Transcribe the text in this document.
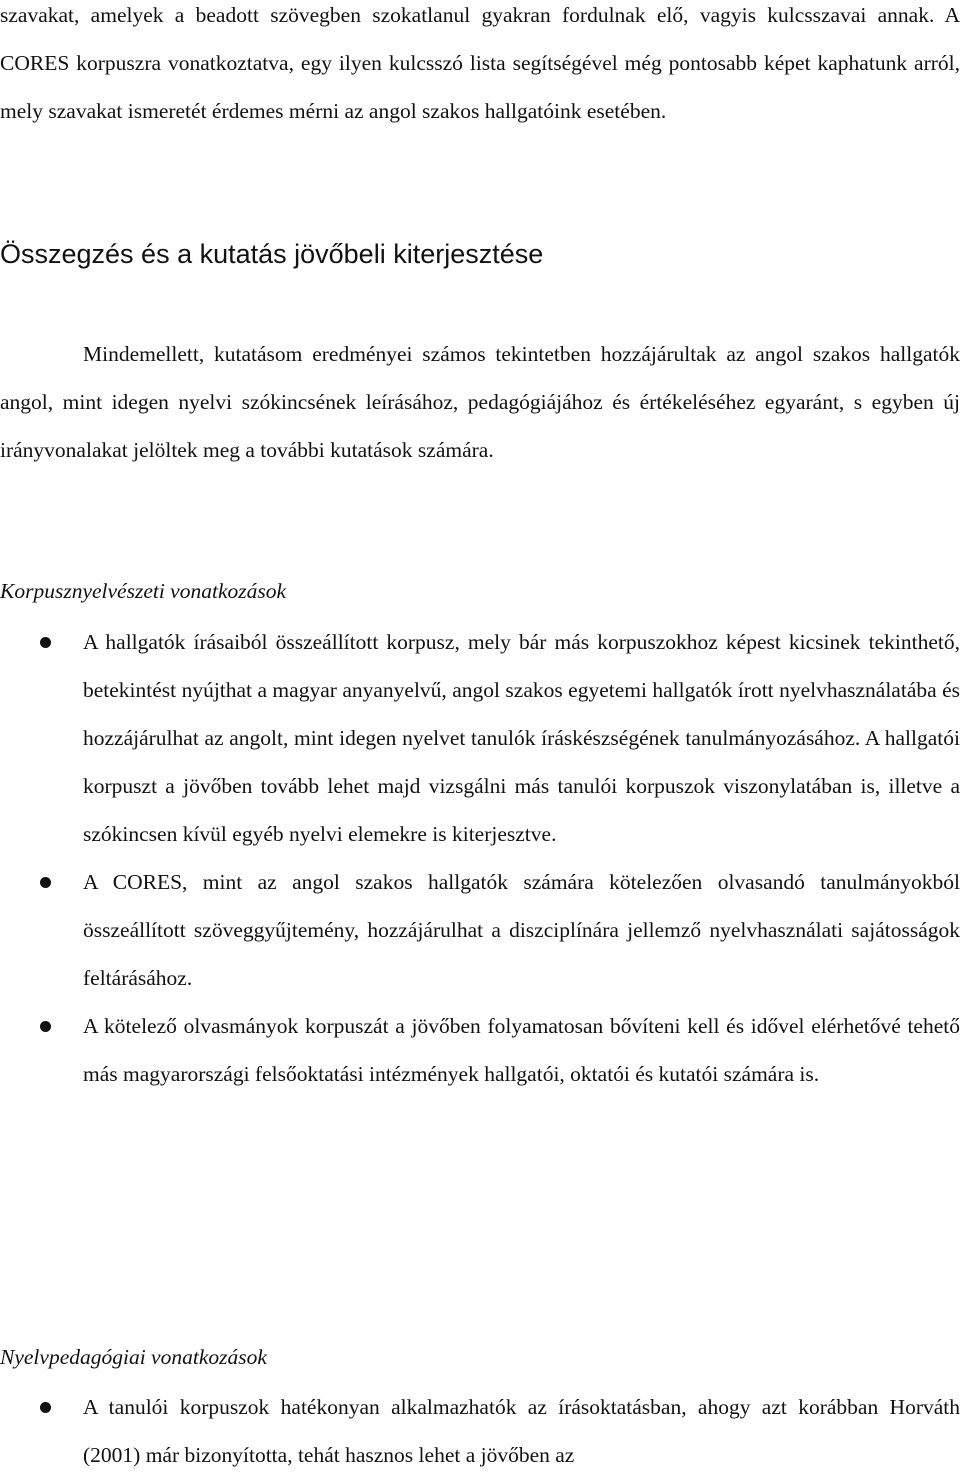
szavakat, amelyek a beadott szövegben szokatlanul gyakran fordulnak elő, vagyis kulcsszavai annak. A CORES korpuszra vonatkoztatva, egy ilyen kulcsszó lista segítségével még pontosabb képet kaphatunk arról, mely szavakat ismeretét érdemes mérni az angol szakos hallgatóink esetében.

Összegzés és a kutatás jövőbeli kiterjesztése

Mindemellett, kutatásom eredményei számos tekintetben hozzájárultak az angol szakos hallgatók angol, mint idegen nyelvi szókincsének leírásához, pedagógiájához és értékeléséhez egyaránt, s egyben új irányvonalakat jelöltek meg a további kutatások számára.

Korpusznyelvészeti vonatkozások
A hallgatók írásaiból összeállított korpusz, mely bár más korpuszokhoz képest kicsinek tekinthető, betekintést nyújthat a magyar anyanyelvű, angol szakos egyetemi hallgatók írott nyelvhasználatába és hozzájárulhat az angolt, mint idegen nyelvet tanulók íráskészségének tanulmányozásához. A hallgatói korpuszt a jövőben tovább lehet majd vizsgálni más tanulói korpuszok viszonylatában is, illetve a szókincsen kívül egyéb nyelvi elemekre is kiterjesztve.
A CORES, mint az angol szakos hallgatók számára kötelezően olvasandó tanulmányokból összeállított szöveggyűjtemény, hozzájárulhat a diszciplínára jellemző nyelvhasználati sajátosságok feltárásához.
A kötelező olvasmányok korpuszát a jövőben folyamatosan bővíteni kell és idővel elérhetővé tehető más magyarországi felsőoktatási intézmények hallgatói, oktatói és kutatói számára is.
Nyelvpedagógiai vonatkozások
A tanulói korpuszok hatékonyan alkalmazhatók az írásoktatásban, ahogy azt korábban Horváth (2001) már bizonyította, tehát hasznos lehet a jövőben az
